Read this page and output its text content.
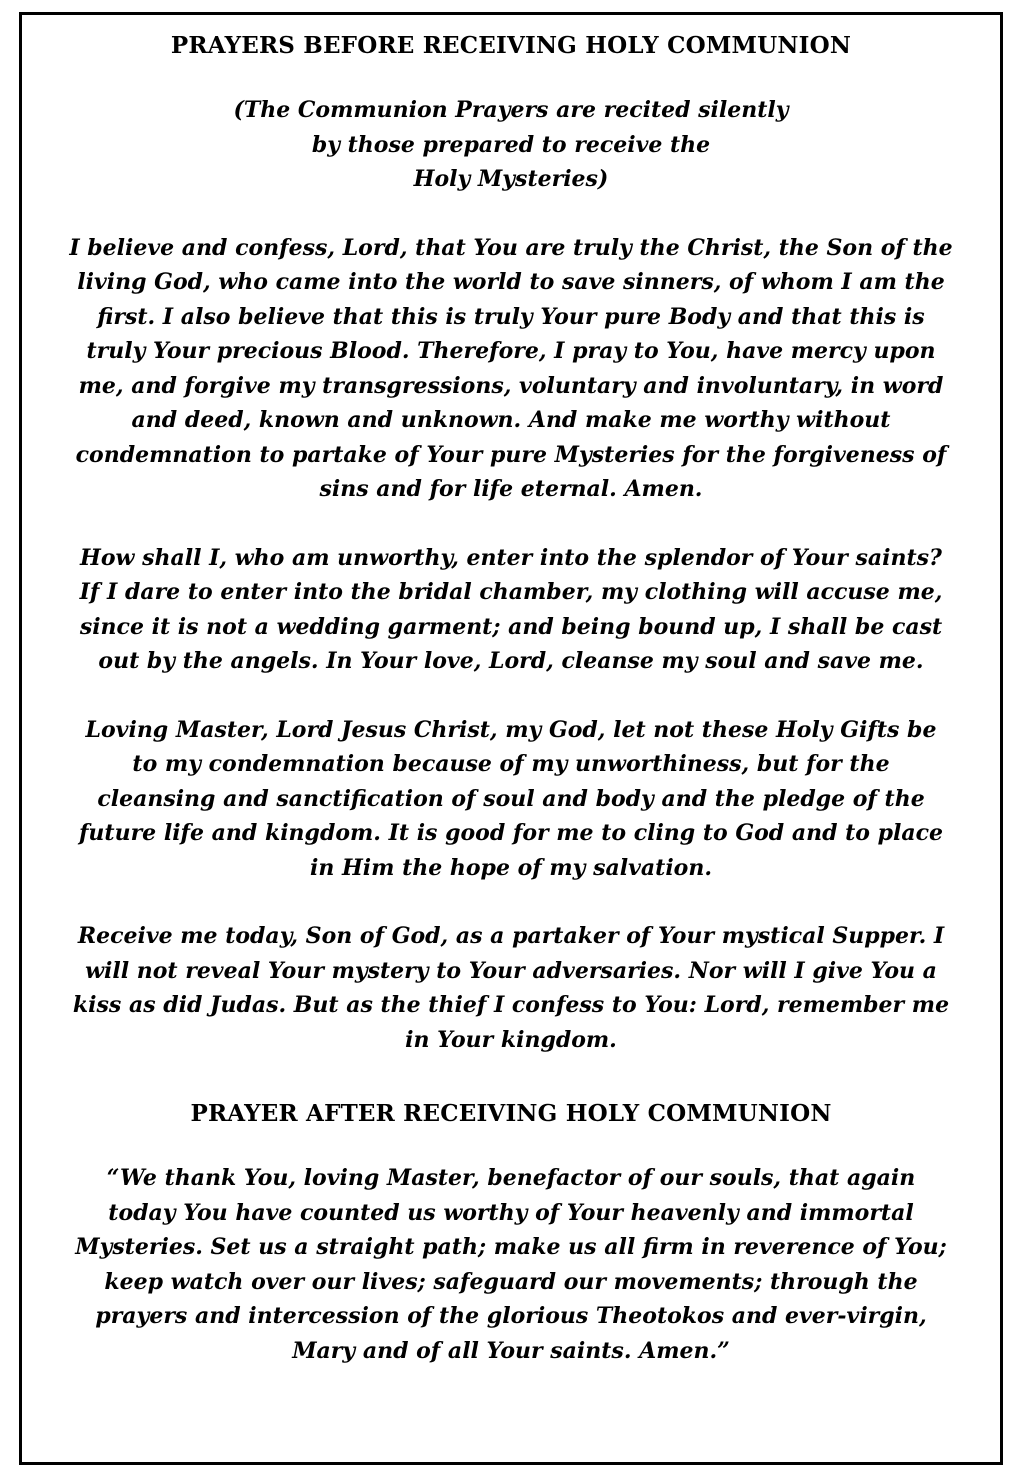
PRAYERS BEFORE RECEIVING HOLY COMMUNION

(The Communion Prayers are recited silently
by those prepared to receive the
Holy Mysteries)

I believe and confess, Lord, that You are truly the Christ, the Son of the
living God, who came into the world to save sinners, of whom I am the
first. I also believe that this is truly Your pure Body and that this is
truly Your precious Blood. Therefore, I pray to You, have mercy upon
me, and forgive my transgressions, voluntary and involuntary, in word
and deed, known and unknown. And make me worthy without
condemnation to partake of Your pure Mysteries for the forgiveness of
sins and for life eternal. Amen.

How shall I, who am unworthy, enter into the splendor of Your saints?
If I dare to enter into the bridal chamber, my clothing will accuse me,
since it is not a wedding garment; and being bound up, I shall be cast
out by the angels. In Your love, Lord, cleanse my soul and save me.

Loving Master, Lord Jesus Christ, my God, let not these Holy Gifts be
to my condemnation because of my unworthiness, but for the
cleansing and sanctification of soul and body and the pledge of the
future life and kingdom. It is good for me to cling to God and to place
in Him the hope of my salvation.

Receive me today, Son of God, as a partaker of Your mystical Supper. I
will not reveal Your mystery to Your adversaries. Nor will I give You a
kiss as did Judas. But as the thief I confess to You: Lord, remember me
in Your kingdom.

PRAYER AFTER RECEIVING HOLY COMMUNION

“We thank You, loving Master, benefactor of our souls, that again
today You have counted us worthy of Your heavenly and immortal
Mysteries. Set us a straight path; make us all firm in reverence of You;
keep watch over our lives; safeguard our movements; through the
prayers and intercession of the glorious Theotokos and ever-virgin,
Mary and of all Your saints. Amen.”
